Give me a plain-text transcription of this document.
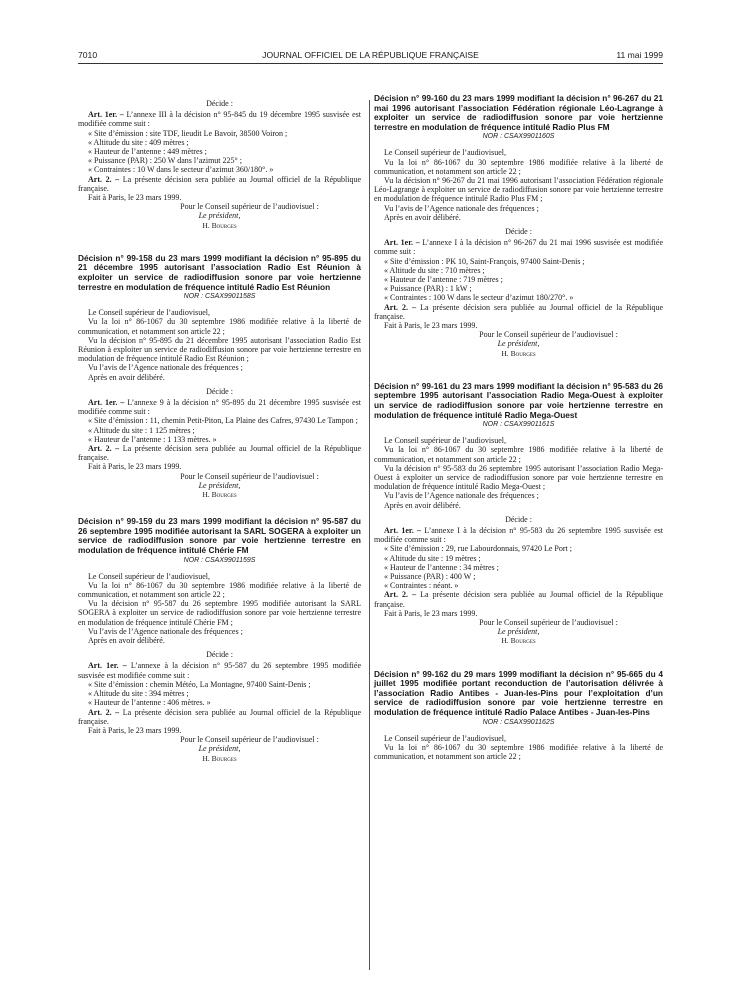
7010	JOURNAL OFFICIEL DE LA RÉPUBLIQUE FRANÇAISE	11 mai 1999
Décide :

Art. 1er. – L’annexe III à la décision n° 95-845 du 19 décembre 1995 susvisée est modifiée comme suit :

« Site d’émission : site TDF, lieudit Le Bavoir, 38500 Voiron ;

« Altitude du site : 409 mètres ;

« Hauteur de l’antenne : 449 mètres ;

« Puissance (PAR) : 250 W dans l’azimut 225° ;

« Contraintes : 10 W dans le secteur d’azimut 360/180°. »

Art. 2. – La présente décision sera publiée au Journal officiel de la République française.

Fait à Paris, le 23 mars 1999.

Pour le Conseil supérieur de l’audiovisuel :
Le président,
H. Bourges

Décision n° 99-158 du 23 mars 1999 modifiant la décision n° 95-895 du 21 décembre 1995 autorisant l’association Radio Est Réunion à exploiter un service de radiodiffusion sonore par voie hertzienne terrestre en modulation de fréquence intitulé Radio Est Réunion

NOR : CSAX9901158S

Le Conseil supérieur de l’audiovisuel,

Vu la loi n° 86-1067 du 30 septembre 1986 modifiée relative à la liberté de communication, et notamment son article 22 ;

Vu la décision n° 95-895 du 21 décembre 1995 autorisant l’association Radio Est Réunion à exploiter un service de radiodiffusion sonore par voie hertzienne terrestre en modulation de fréquence intitulé Radio Est Réunion ;

Vu l’avis de l’Agence nationale des fréquences ;

Après en avoir délibéré.

Décide :

Art. 1er. – L’annexe 9 à la décision n° 95-895 du 21 décembre 1995 susvisée est modifiée comme suit :

« Site d’émission : 11, chemin Petit-Piton, La Plaine des Cafres, 97430 Le Tampon ;

« Altitude du site : 1 125 mètres ;

« Hauteur de l’antenne : 1 133 mètres. »

Art. 2. – La présente décision sera publiée au Journal officiel de la République française.

Fait à Paris, le 23 mars 1999.

Pour le Conseil supérieur de l’audiovisuel :
Le président,
H. Bourges

Décision n° 99-159 du 23 mars 1999 modifiant la décision n° 95-587 du 26 septembre 1995 modifiée autorisant la SARL SOGERA à exploiter un service de radiodiffusion sonore par voie hertzienne terrestre en modulation de fréquence intitulé Chérie FM

NOR : CSAX9901159S

Le Conseil supérieur de l’audiovisuel,

Vu la loi n° 86-1067 du 30 septembre 1986 modifiée relative à la liberté de communication, et notamment son article 22 ;

Vu la décision n° 95-587 du 26 septembre 1995 modifiée autorisant la SARL SOGERA à exploiter un service de radiodiffusion sonore par voie hertzienne terrestre en modulation de fréquence intitulé Chérie FM ;

Vu l’avis de l’Agence nationale des fréquences ;

Après en avoir délibéré.

Décide :

Art. 1er. – L’annexe à la décision n° 95-587 du 26 septembre 1995 modifiée susvisée est modifiée comme suit :

« Site d’émission : chemin Météo, La Montagne, 97400 Saint-Denis ;

« Altitude du site : 394 mètres ;

« Hauteur de l’antenne : 406 mètres. »

Art. 2. – La présente décision sera publiée au Journal officiel de la République française.

Fait à Paris, le 23 mars 1999.

Pour le Conseil supérieur de l’audiovisuel :
Le président,
H. Bourges

Décision n° 99-160 du 23 mars 1999 modifiant la décision n° 96-267 du 21 mai 1996 autorisant l’association Fédération régionale Léo-Lagrange à exploiter un service de radiodiffusion sonore par voie hertzienne terrestre en modulation de fréquence intitulé Radio Plus FM

NOR : CSAX9901160S

Le Conseil supérieur de l’audiovisuel,

Vu la loi n° 86-1067 du 30 septembre 1986 modifiée relative à la liberté de communication, et notamment son article 22 ;

Vu la décision n° 96-267 du 21 mai 1996 autorisant l’association Fédération régionale Léo-Lagrange à exploiter un service de radiodiffusion sonore par voie hertzienne terrestre en modulation de fréquence intitulé Radio Plus FM ;

Vu l’avis de l’Agence nationale des fréquences ;

Après en avoir délibéré.

Décide :

Art. 1er. – L’annexe I à la décision n° 96-267 du 21 mai 1996 susvisée est modifiée comme suit :

« Site d’émission : PK 10, Saint-François, 97400 Saint-Denis ;

« Altitude du site : 710 mètres ;

« Hauteur de l’antenne : 719 mètres ;

« Puissance (PAR) : 1 kW ;

« Contraintes : 100 W dans le secteur d’azimut 180/270°. »

Art. 2. – La présente décision sera publiée au Journal officiel de la République française.

Fait à Paris, le 23 mars 1999.

Pour le Conseil supérieur de l’audiovisuel :
Le président,
H. Bourges

Décision n° 99-161 du 23 mars 1999 modifiant la décision n° 95-583 du 26 septembre 1995 autorisant l’association Radio Mega-Ouest à exploiter un service de radiodiffusion sonore par voie hertzienne terrestre en modulation de fréquence intitulé Radio Mega-Ouest

NOR : CSAX9901161S

Le Conseil supérieur de l’audiovisuel,

Vu la loi n° 86-1067 du 30 septembre 1986 modifiée relative à la liberté de communication, et notamment son article 22 ;

Vu la décision n° 95-583 du 26 septembre 1995 autorisant l’association Radio Mega-Ouest à exploiter un service de radiodiffusion sonore par voie hertzienne terrestre en modulation de fréquence intitulé Radio Mega-Ouest ;

Vu l’avis de l’Agence nationale des fréquences ;

Après en avoir délibéré.

Décide :

Art. 1er. – L’annexe I à la décision n° 95-583 du 26 septembre 1995 susvisée est modifiée comme suit :

« Site d’émission : 29, rue Labourdonnais, 97420 Le Port ;

« Altitude du site : 19 mètres ;

« Hauteur de l’antenne : 34 mètres ;

« Puissance (PAR) : 400 W ;

« Contraintes : néant. »

Art. 2. – La présente décision sera publiée au Journal officiel de la République française.

Fait à Paris, le 23 mars 1999.

Pour le Conseil supérieur de l’audiovisuel :
Le président,
H. Bourges

Décision n° 99-162 du 29 mars 1999 modifiant la décision n° 95-665 du 4 juillet 1995 modifiée portant reconduction de l’autorisation délivrée à l’association Radio Antibes - Juan-les-Pins pour l’exploitation d’un service de radiodiffusion sonore par voie hertzienne terrestre en modulation de fréquence intitulé Radio Palace Antibes - Juan-les-Pins

NOR : CSAX9901162S

Le Conseil supérieur de l’audiovisuel,

Vu la loi n° 86-1067 du 30 septembre 1986 modifiée relative à la liberté de communication, et notamment son article 22 ;
